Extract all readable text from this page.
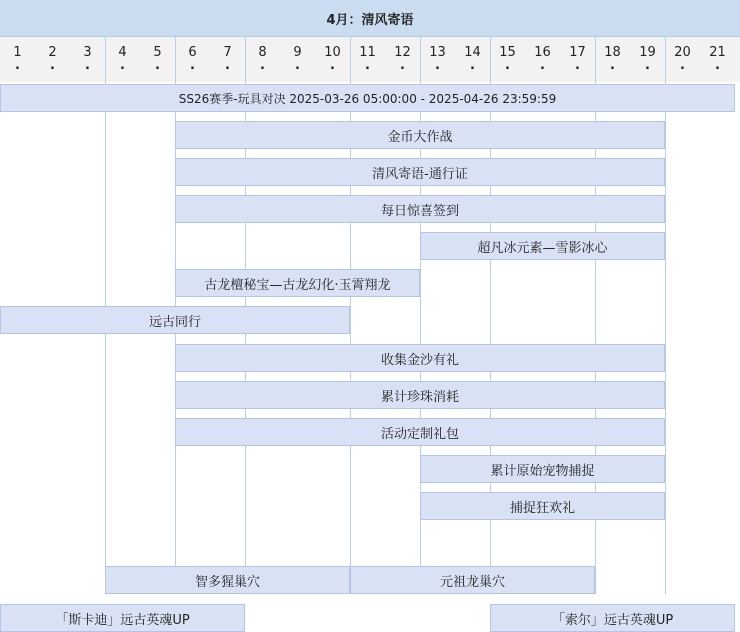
4月：清风寄语
1
.
2
.
3
.
4
.
5
.
6
.
7
.
8
.
9
.
10
.
11
.
12
.
13
.
14
.
15
.
16
.
17
.
18
.
19
.
20
.
21
.
SS26赛季-玩具对决 2025-03-26 05:00:00 - 2025-04-26 23:59:59
金币大作战
清风寄语-通行证
每日惊喜签到
超凡冰元素—雪影冰心
古龙檀秘宝—古龙幻化·玉霄翔龙
远古同行
收集金沙有礼
累计珍珠消耗
活动定制礼包
累计原始宠物捕捉
捕捉狂欢礼
智多猩巢穴	元祖龙巢穴
「斯卡迪」远古英魂UP	「索尔」远古英魂UP
